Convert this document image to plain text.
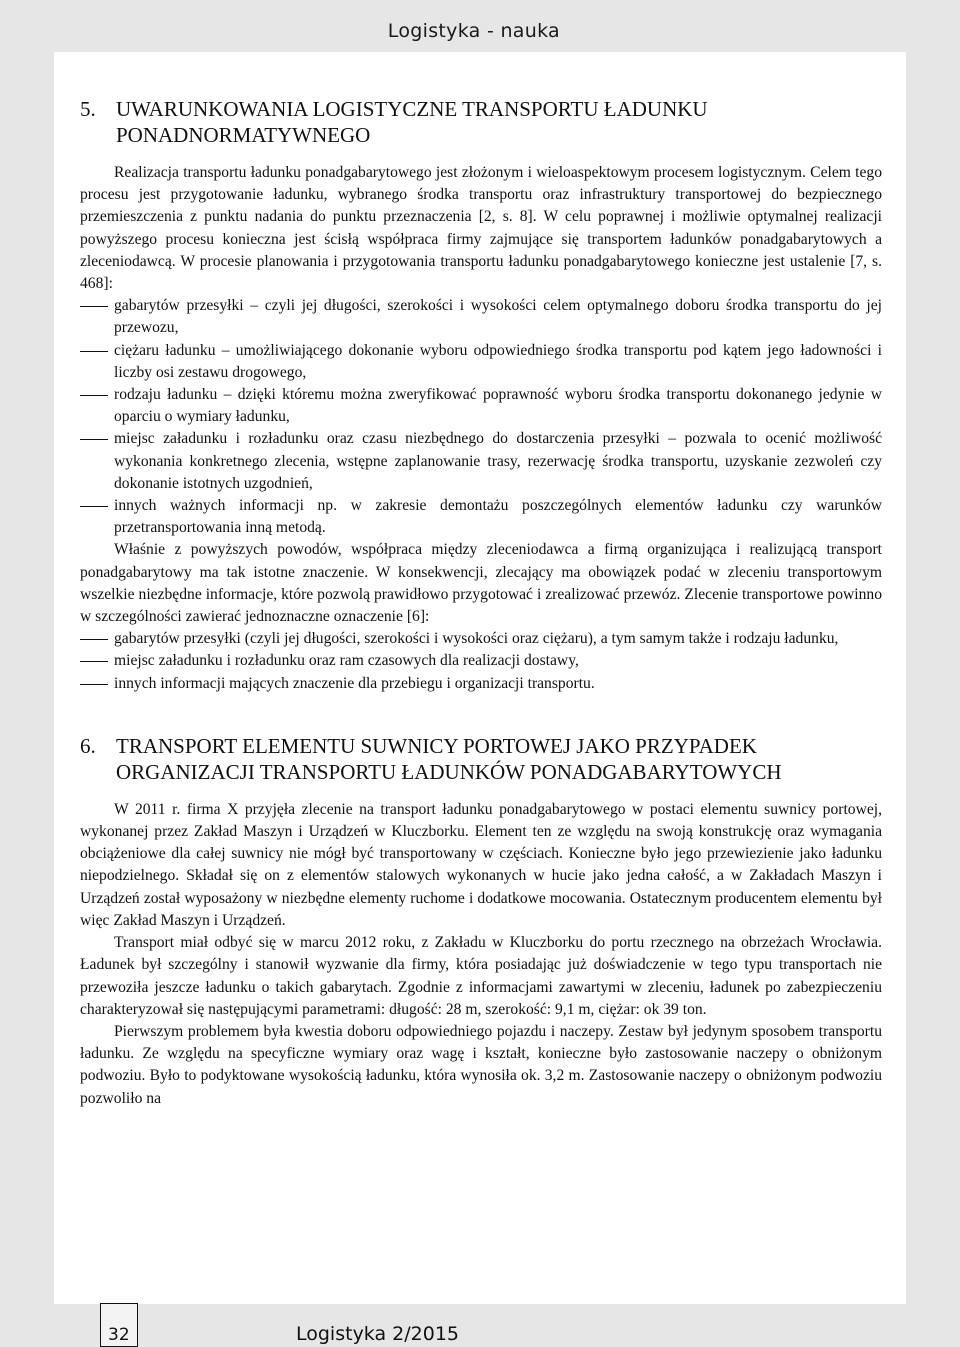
Logistyka - nauka
5. UWARUNKOWANIA LOGISTYCZNE TRANSPORTU ŁADUNKU PONADNORMATYWNEGO

Realizacja transportu ładunku ponadgabarytowego jest złożonym i wieloaspektowym procesem logistycznym. Celem tego procesu jest przygotowanie ładunku, wybranego środka transportu oraz infrastruktury transportowej do bezpiecznego przemieszczenia z punktu nadania do punktu przeznaczenia [2, s. 8]. W celu poprawnej i możliwie optymalnej realizacji powyższego procesu konieczna jest ścisłą współpraca firmy zajmujące się transportem ładunków ponadgabarytowych a zleceniodawcą. W procesie planowania i przygotowania transportu ładunku ponadgabarytowego konieczne jest ustalenie [7, s. 468]:

gabarytów przesyłki – czyli jej długości, szerokości i wysokości celem optymalnego doboru środka transportu do jej przewozu,
ciężaru ładunku – umożliwiającego dokonanie wyboru odpowiedniego środka transportu pod kątem jego ładowności i liczby osi zestawu drogowego,
rodzaju ładunku – dzięki któremu można zweryfikować poprawność wyboru środka transportu dokonanego jedynie w oparciu o wymiary ładunku,
miejsc załadunku i rozładunku oraz czasu niezbędnego do dostarczenia przesyłki – pozwala to ocenić możliwość wykonania konkretnego zlecenia, wstępne zaplanowanie trasy, rezerwację środka transportu, uzyskanie zezwoleń czy dokonanie istotnych uzgodnień,
innych ważnych informacji np. w zakresie demontażu poszczególnych elementów ładunku czy warunków przetransportowania inną metodą.

Właśnie z powyższych powodów, współpraca między zleceniodawca a firmą organizująca i realizującą transport ponadgabarytowy ma tak istotne znaczenie. W konsekwencji, zlecający ma obowiązek podać w zleceniu transportowym wszelkie niezbędne informacje, które pozwolą prawidłowo przygotować i zrealizować przewóz. Zlecenie transportowe powinno w szczególności zawierać jednoznaczne oznaczenie [6]:

gabarytów przesyłki (czyli jej długości, szerokości i wysokości oraz ciężaru), a tym samym także i rodzaju ładunku,
miejsc załadunku i rozładunku oraz ram czasowych dla realizacji dostawy,
innych informacji mających znaczenie dla przebiegu i organizacji transportu.
6. TRANSPORT ELEMENTU SUWNICY PORTOWEJ JAKO PRZYPADEK ORGANIZACJI TRANSPORTU ŁADUNKÓW PONADGABARYTOWYCH

W 2011 r. firma X przyjęła zlecenie na transport ładunku ponadgabarytowego w postaci elementu suwnicy portowej, wykonanej przez Zakład Maszyn i Urządzeń w Kluczborku. Element ten ze względu na swoją konstrukcję oraz wymagania obciążeniowe dla całej suwnicy nie mógł być transportowany w częściach. Konieczne było jego przewiezienie jako ładunku niepodzielnego. Składał się on z elementów stalowych wykonanych w hucie jako jedna całość, a w Zakładach Maszyn i Urządzeń został wyposażony w niezbędne elementy ruchome i dodatkowe mocowania. Ostatecznym producentem elementu był więc Zakład Maszyn i Urządzeń.

Transport miał odbyć się w marcu 2012 roku, z Zakładu w Kluczborku do portu rzecznego na obrzeżach Wrocławia. Ładunek był szczególny i stanowił wyzwanie dla firmy, która posiadając już doświadczenie w tego typu transportach nie przewoziła jeszcze ładunku o takich gabarytach. Zgodnie z informacjami zawartymi w zleceniu, ładunek po zabezpieczeniu charakteryzował się następującymi parametrami: długość: 28 m, szerokość: 9,1 m, ciężar: ok 39 ton.

Pierwszym problemem była kwestia doboru odpowiedniego pojazdu i naczepy. Zestaw był jedynym sposobem transportu ładunku. Ze względu na specyficzne wymiary oraz wagę i kształt, konieczne było zastosowanie naczepy o obniżonym podwoziu. Było to podyktowane wysokością ładunku, która wynosiła ok. 3,2 m. Zastosowanie naczepy o obniżonym podwoziu pozwoliło na

32	Logistyka 2/2015
